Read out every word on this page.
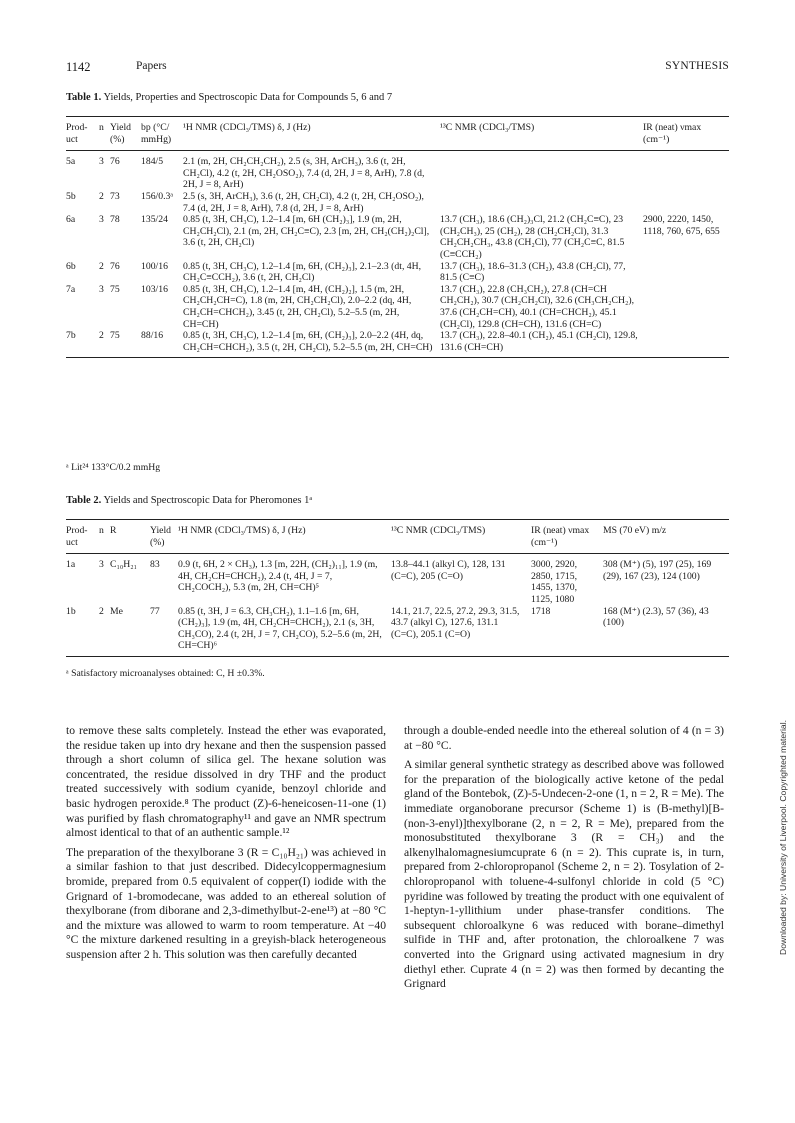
1142	Papers	SYNTHESIS
Table 1. Yields, Properties and Spectroscopic Data for Compounds 5, 6 and 7
Prod- uct	n	Yield (%)	bp (°C/ mmHg)	¹H NMR (CDCl₃/TMS) δ, J (Hz)	¹³C NMR (CDCl₃/TMS)	IR (neat) νmax (cm⁻¹)
5a	3	76	184/5	2.1 (m, 2H, CH₂CH₂CH₂), 2.5 (s, 3H, ArCH₃), 3.6 (t, 2H, CH₂Cl), 4.2 (t, 2H, CH₂OSO₂), 7.4 (d, 2H, J = 8, ArH), 7.8 (d, 2H, J = 8, ArH)		
5b	2	73	156/0.3ᵃ	2.5 (s, 3H, ArCH₃), 3.6 (t, 2H, CH₂Cl), 4.2 (t, 2H, CH₂OSO₂), 7.4 (d, 2H, J = 8, ArH), 7.8 (d, 2H, J = 8, ArH)		
6a	3	78	135/24	0.85 (t, 3H, CH₃C), 1.2–1.4 [m, 6H (CH₂)₃], 1.9 (m, 2H, CH₂CH₂Cl), 2.1 (m, 2H, CH₂C≡C), 2.3 [m, 2H, CH₂(CH₂)₂Cl], 3.6 (t, 2H, CH₂Cl)	13.7 (CH₃), 18.6 (CH₂)₃Cl, 21.2 (CH₂C≡C), 23 (CH₂CH₃), 25 (CH₂), 28 (CH₂CH₂Cl), 31.3 CH₂CH₂CH₃, 43.8 (CH₂Cl), 77 (CH₂C≡C, 81.5 (C≡CCH₂)	2900, 2220, 1450, 1118, 760, 675, 655
6b	2	76	100/16	0.85 (t, 3H, CH₃C), 1.2–1.4 [m, 6H, (CH₂)₃], 2.1–2.3 (dt, 4H, CH₂C≡CCH₂), 3.6 (t, 2H, CH₂Cl)	13.7 (CH₃), 18.6–31.3 (CH₂), 43.8 (CH₂Cl), 77, 81.5 (C≡C)	
7a	3	75	103/16	0.85 (t, 3H, CH₃C), 1.2–1.4 [m, 4H, (CH₂)₂], 1.5 (m, 2H, CH₂CH₂CH=C), 1.8 (m, 2H, CH₂CH₂Cl), 2.0–2.2 (dq, 4H, CH₂CH=CHCH₂), 3.45 (t, 2H, CH₂Cl), 5.2–5.5 (m, 2H, CH=CH)	13.7 (CH₃), 22.8 (CH₃CH₂), 27.8 (CH=CH CH₂CH₂), 30.7 (CH₂CH₂Cl), 32.6 (CH₃CH₂CH₂), 37.6 (CH₂CH=CH), 40.1 (CH=CHCH₂), 45.1 (CH₂Cl), 129.8 (CH=CH), 131.6 (CH=C)	
7b	2	75	88/16	0.85 (t, 3H, CH₃C), 1.2–1.4 [m, 6H, (CH₂)₃], 2.0–2.2 (4H, dq, CH₂CH=CHCH₂), 3.5 (t, 2H, CH₂Cl), 5.2–5.5 (m, 2H, CH=CH)	13.7 (CH₃), 22.8–40.1 (CH₂), 45.1 (CH₂Cl), 129.8, 131.6 (CH=CH)	

ᵃ Lit²⁴ 133°C/0.2 mmHg
Table 2. Yields and Spectroscopic Data for Pheromones 1ᵃ
Prod- uct	n	R	Yield (%)	¹H NMR (CDCl₃/TMS) δ, J (Hz)	¹³C NMR (CDCl₃/TMS)	IR (neat) νmax (cm⁻¹)	MS (70 eV) m/z
1a	3	C₁₀H₂₁	83	0.9 (t, 6H, 2 × CH₃), 1.3 [m, 22H, (CH₂)₁₁], 1.9 (m, 4H, CH₂CH=CHCH₂), 2.4 (t, 4H, J = 7, CH₂COCH₂), 5.3 (m, 2H, CH=CH)⁵	13.8–44.1 (alkyl C), 128, 131 (C=C), 205 (C=O)	3000, 2920, 2850, 1715, 1455, 1370, 1125, 1080	308 (M⁺) (5), 197 (25), 169 (29), 167 (23), 124 (100)
1b	2	Me	77	0.85 (t, 3H, J = 6.3, CH₃CH₂), 1.1–1.6 [m, 6H, (CH₂)₃], 1.9 (m, 4H, CH₂CH=CHCH₂), 2.1 (s, 3H, CH₃CO), 2.4 (t, 2H, J = 7, CH₂CO), 5.2–5.6 (m, 2H, CH=CH)⁶	14.1, 21.7, 22.5, 27.2, 29.3, 31.5, 43.7 (alkyl C), 127.6, 131.1 (C=C), 205.1 (C=O)	1718	168 (M⁺) (2.3), 57 (36), 43 (100)

ᵃ Satisfactory microanalyses obtained: C, H ±0.3%.

to remove these salts completely. Instead the ether was evaporated, the residue taken up into dry hexane and then the suspension passed through a short column of silica gel. The hexane solution was concentrated, the residue dissolved in dry THF and the product treated successively with sodium cyanide, benzoyl chloride and basic hydrogen peroxide.⁸ The product (Z)-6-heneicosen-11-one (1) was purified by flash chromatography¹¹ and gave an NMR spectrum almost identical to that of an authentic sample.¹²

The preparation of the thexylborane 3 (R = C₁₀H₂₁) was achieved in a similar fashion to that just described. Didecylcoppermagnesium bromide, prepared from 0.5 equivalent of copper(I) iodide with the Grignard of 1-bromodecane, was added to an ethereal solution of thexylborane (from diborane and 2,3-dimethylbut-2-ene¹³) at −80 °C and the mixture was allowed to warm to room temperature. At −40 °C the mixture darkened resulting in a greyish-black heterogeneous suspension after 2 h. This solution was then carefully decanted

through a double-ended needle into the ethereal solution of 4 (n = 3) at −80 °C.

A similar general synthetic strategy as described above was followed for the preparation of the biologically active ketone of the pedal gland of the Bontebok, (Z)-5-Undecen-2-one (1, n = 2, R = Me). The immediate organoborane precursor (Scheme 1) is (B-methyl)[B-(non-3-enyl)]thexylborane (2, n = 2, R = Me), prepared from the monosubstituted thexylborane 3 (R = CH₃) and the alkenylhalomagnesiumcuprate 6 (n = 2). This cuprate is, in turn, prepared from 2-chloropropanol (Scheme 2, n = 2). Tosylation of 2-chloropropanol with toluene-4-sulfonyl chloride in cold (5 °C) pyridine was followed by treating the product with one equivalent of 1-heptyn-1-yllithium under phase-transfer conditions. The subsequent chloroalkyne 6 was reduced with borane–dimethyl sulfide in THF and, after protonation, the chloroalkene 7 was converted into the Grignard using activated magnesium in dry diethyl ether. Cuprate 4 (n = 2) was then formed by decanting the Grignard

Downloaded by: University of Liverpool. Copyrighted material.
